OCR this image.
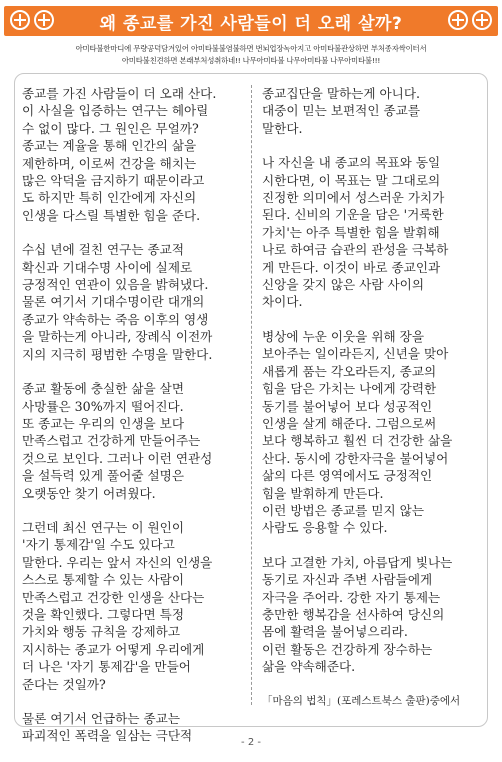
왜 종교를 가진 사람들이 더 오래 살까?
아미타불한마디에 무량공덕담겨있어 아미타불불염불하면 번뇌업장녹아지고 아미타불관상하면 부처종자싹이터서
아미타불친견하면 본래부처성취하네!! 나무아미타불 나무아미타불 나무아미타불!!!

종교를 가진 사람들이 더 오래 산다.
이 사실을 입증하는 연구는 헤아릴
수 없이 많다. 그 원인은 무얼까?
종교는 계율을 통해 인간의 삶을
제한하며, 이로써 건강을 해치는
많은 악덕을 금지하기 때문이라고
도 하지만 특히 인간에게 자신의
인생을 다스릴 특별한 힘을 준다.

수십 년에 걸친 연구는 종교적
확신과 기대수명 사이에 실제로
긍정적인 연관이 있음을 밝혀냈다.
물론 여기서 기대수명이란 대개의
종교가 약속하는 죽음 이후의 영생
을 말하는게 아니라, 장례식 이전까
지의 지극히 평범한 수명을 말한다.

종교 활동에 충실한 삶을 살면
사망률은 30%까지 떨어진다.
또 종교는 우리의 인생을 보다
만족스럽고 건강하게 만들어주는
것으로 보인다. 그러나 이런 연관성
을 설득력 있게 풀어줄 설명은
오랫동안 찾기 어려웠다.

그런데 최신 연구는 이 원인이
'자기 통제감'일 수도 있다고
말한다. 우리는 앞서 자신의 인생을
스스로 통제할 수 있는 사람이
만족스럽고 건강한 인생을 산다는
것을 확인했다. 그렇다면 특정
가치와 행동 규칙을 강제하고
지시하는 종교가 어떻게 우리에게
더 나은 '자기 통제감'을 만들어
준다는 것일까?

물론 여기서 언급하는 종교는
파괴적인 폭력을 일삼는 극단적

종교집단을 말하는게 아니다.
대중이 믿는 보편적인 종교를
말한다.

나 자신을 내 종교의 목표와 동일
시한다면, 이 목표는 말 그대로의
진정한 의미에서 성스러운 가치가
된다. 신비의 기운을 담은 '거룩한
가치'는 아주 특별한 힘을 발휘해
나로 하여금 습관의 관성을 극복하
게 만든다. 이것이 바로 종교인과
신앙을 갖지 않은 사람 사이의
차이다.

병상에 누운 이웃을 위해 장을
보아주는 일이라든지, 신년을 맞아
새롭게 품는 각오라든지, 종교의
힘을 담은 가치는 나에게 강력한
동기를 불어넣어 보다 성공적인
인생을 살게 해준다. 그럼으로써
보다 행복하고 훨씬 더 건강한 삶을
산다. 동시에 강한자극을 불어넣어
삶의 다른 영역에서도 긍정적인
힘을 발휘하게 만든다.
이런 방법은 종교를 믿지 않는
사람도 응용할 수 있다.

보다 고결한 가치, 아름답게 빛나는
동기로 자신과 주변 사람들에게
자극을 주어라. 강한 자기 통제는
충만한 행복감을 선사하여 당신의
몸에 활력을 불어넣으리라.
이런 활동은 건강하게 장수하는
삶을 약속해준다.

「마음의 법칙」(포레스트북스 출판)중에서

- 2 -
